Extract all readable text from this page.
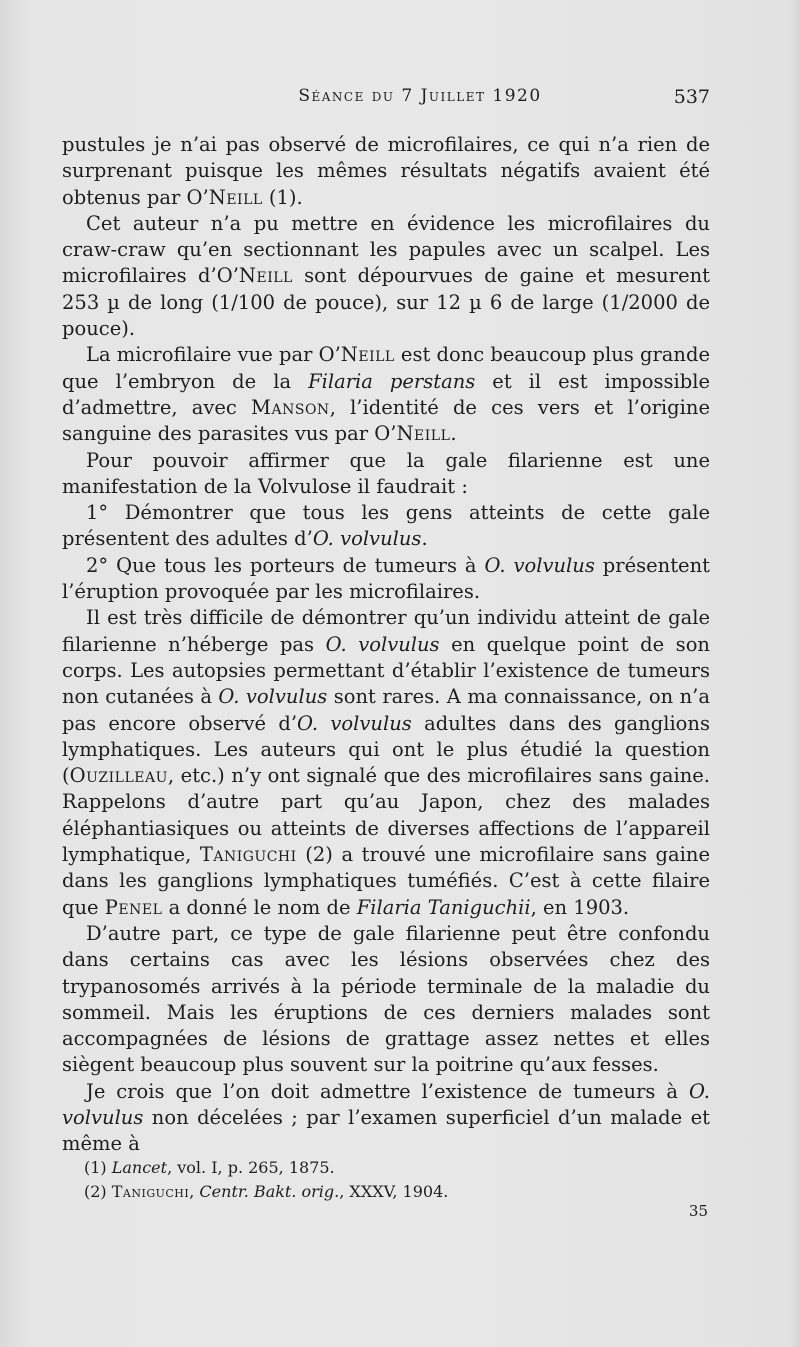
Séance du 7 Juillet 1920	537

pustules je n’ai pas observé de microfilaires, ce qui n’a rien de surprenant puisque les mêmes résultats négatifs avaient été obtenus par O’Neill (1).

Cet auteur n’a pu mettre en évidence les microfilaires du craw-craw qu’en sectionnant les papules avec un scalpel. Les microfilaires d’O’Neill sont dépourvues de gaine et mesurent 253 µ de long (1/100 de pouce), sur 12 µ 6 de large (1/2000 de pouce).

La microfilaire vue par O’Neill est donc beaucoup plus grande que l’embryon de la Filaria perstans et il est impossible d’admettre, avec Manson, l’identité de ces vers et l’origine sanguine des parasites vus par O’Neill.

Pour pouvoir affirmer que la gale filarienne est une manifestation de la Volvulose il faudrait :

1° Démontrer que tous les gens atteints de cette gale présentent des adultes d’O. volvulus.

2° Que tous les porteurs de tumeurs à O. volvulus présentent l’éruption provoquée par les microfilaires.

Il est très difficile de démontrer qu’un individu atteint de gale filarienne n’héberge pas O. volvulus en quelque point de son corps. Les autopsies permettant d’établir l’existence de tumeurs non cutanées à O. volvulus sont rares. A ma connaissance, on n’a pas encore observé d’O. volvulus adultes dans des ganglions lymphatiques. Les auteurs qui ont le plus étudié la question (Ouzilleau, etc.) n’y ont signalé que des microfilaires sans gaine. Rappelons d’autre part qu’au Japon, chez des malades éléphantiasiques ou atteints de diverses affections de l’appareil lymphatique, Taniguchi (2) a trouvé une microfilaire sans gaine dans les ganglions lymphatiques tuméfiés. C’est à cette filaire que Penel a donné le nom de Filaria Taniguchii, en 1903.

D’autre part, ce type de gale filarienne peut être confondu dans certains cas avec les lésions observées chez des trypanosomés arrivés à la période terminale de la maladie du sommeil. Mais les éruptions de ces derniers malades sont accompagnées de lésions de grattage assez nettes et elles siègent beaucoup plus souvent sur la poitrine qu’aux fesses.

Je crois que l’on doit admettre l’existence de tumeurs à O. volvulus non décelées ; par l’examen superficiel d’un malade et même à

(1) Lancet, vol. I, p. 265, 1875.
(2) Taniguchi, Centr. Bakt. orig., XXXV, 1904.
35
